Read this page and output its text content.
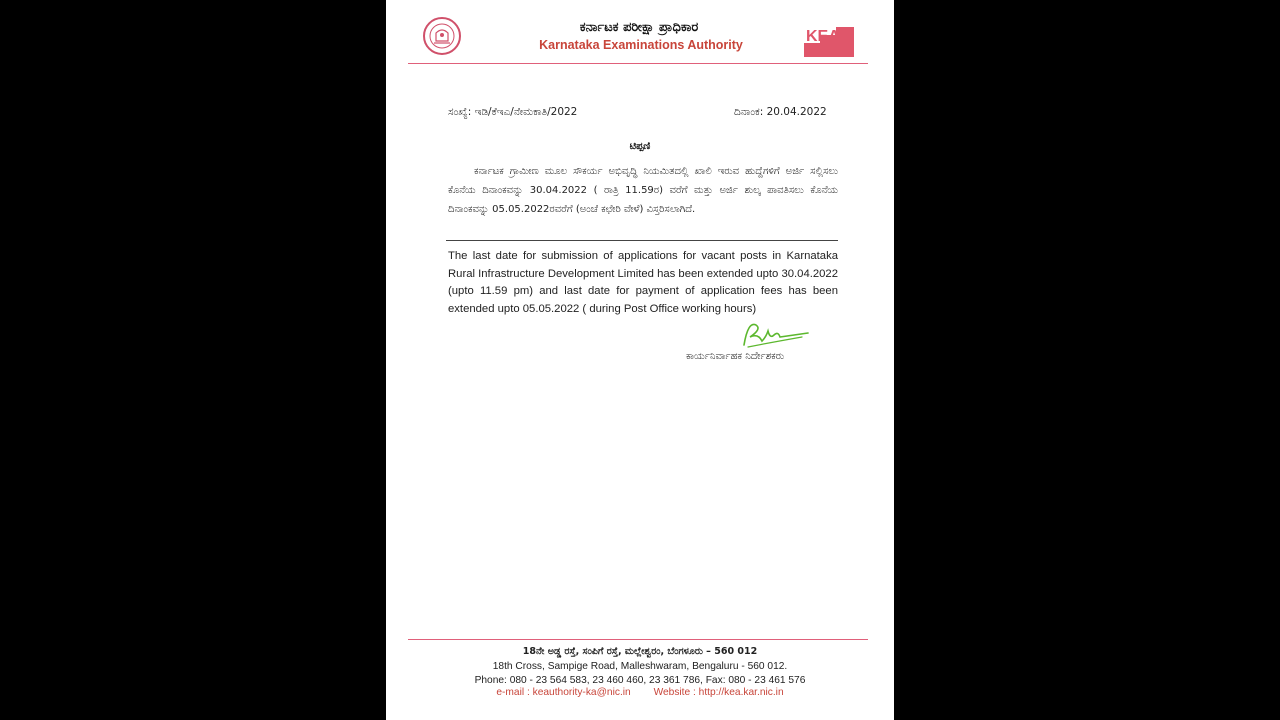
ಕರ್ನಾಟಕ ಪರೀಕ್ಷಾ ಪ್ರಾಧಿಕಾರ
Karnataka Examinations Authority	KEA
ಸಂಖ್ಯೆ: ಇಡಿ/ಕೆಇಎ/ನೇಮಕಾತಿ/2022	ದಿನಾಂಕ: 20.04.2022
ಟಿಪ್ಪಣಿ

ಕರ್ನಾಟಕ ಗ್ರಾಮೀಣ ಮೂಲ ಸೌಕರ್ಯ ಅಭಿವೃದ್ಧಿ ನಿಯಮಿತದಲ್ಲಿ ಖಾಲಿ ಇರುವ ಹುದ್ದೆಗಳಿಗೆ ಅರ್ಜಿ ಸಲ್ಲಿಸಲು ಕೊನೆಯ ದಿನಾಂಕವನ್ನು 30.04.2022 ( ರಾತ್ರಿ 11.59ರ) ವರೆಗೆ ಮತ್ತು ಅರ್ಜಿ ಶುಲ್ಕ ಪಾವತಿಸಲು ಕೊನೆಯ ದಿನಾಂಕವನ್ನು 05.05.2022ರವರೆಗೆ (ಅಂಚೆ ಕಛೇರಿ ವೇಳೆ) ವಿಸ್ತರಿಸಲಾಗಿದೆ.

The last date for submission of applications for vacant posts in Karnataka Rural Infrastructure Development Limited has been extended upto 30.04.2022 (upto 11.59 pm) and last date for payment of application fees has been extended upto 05.05.2022 ( during Post Office working hours)

ಕಾರ್ಯನಿರ್ವಾಹಕ ನಿರ್ದೇಶಕರು
18ನೇ ಅಡ್ಡ ರಸ್ತೆ, ಸಂಪಿಗೆ ರಸ್ತೆ, ಮಲ್ಲೇಶ್ವರಂ, ಬೆಂಗಳೂರು – 560 012
18th Cross, Sampige Road, Malleshwaram, Bengaluru - 560 012.
Phone: 080 - 23 564 583, 23 460 460, 23 361 786, Fax: 080 - 23 461 576
e-mail : keauthority-ka@nic.in Website : http://kea.kar.nic.in
